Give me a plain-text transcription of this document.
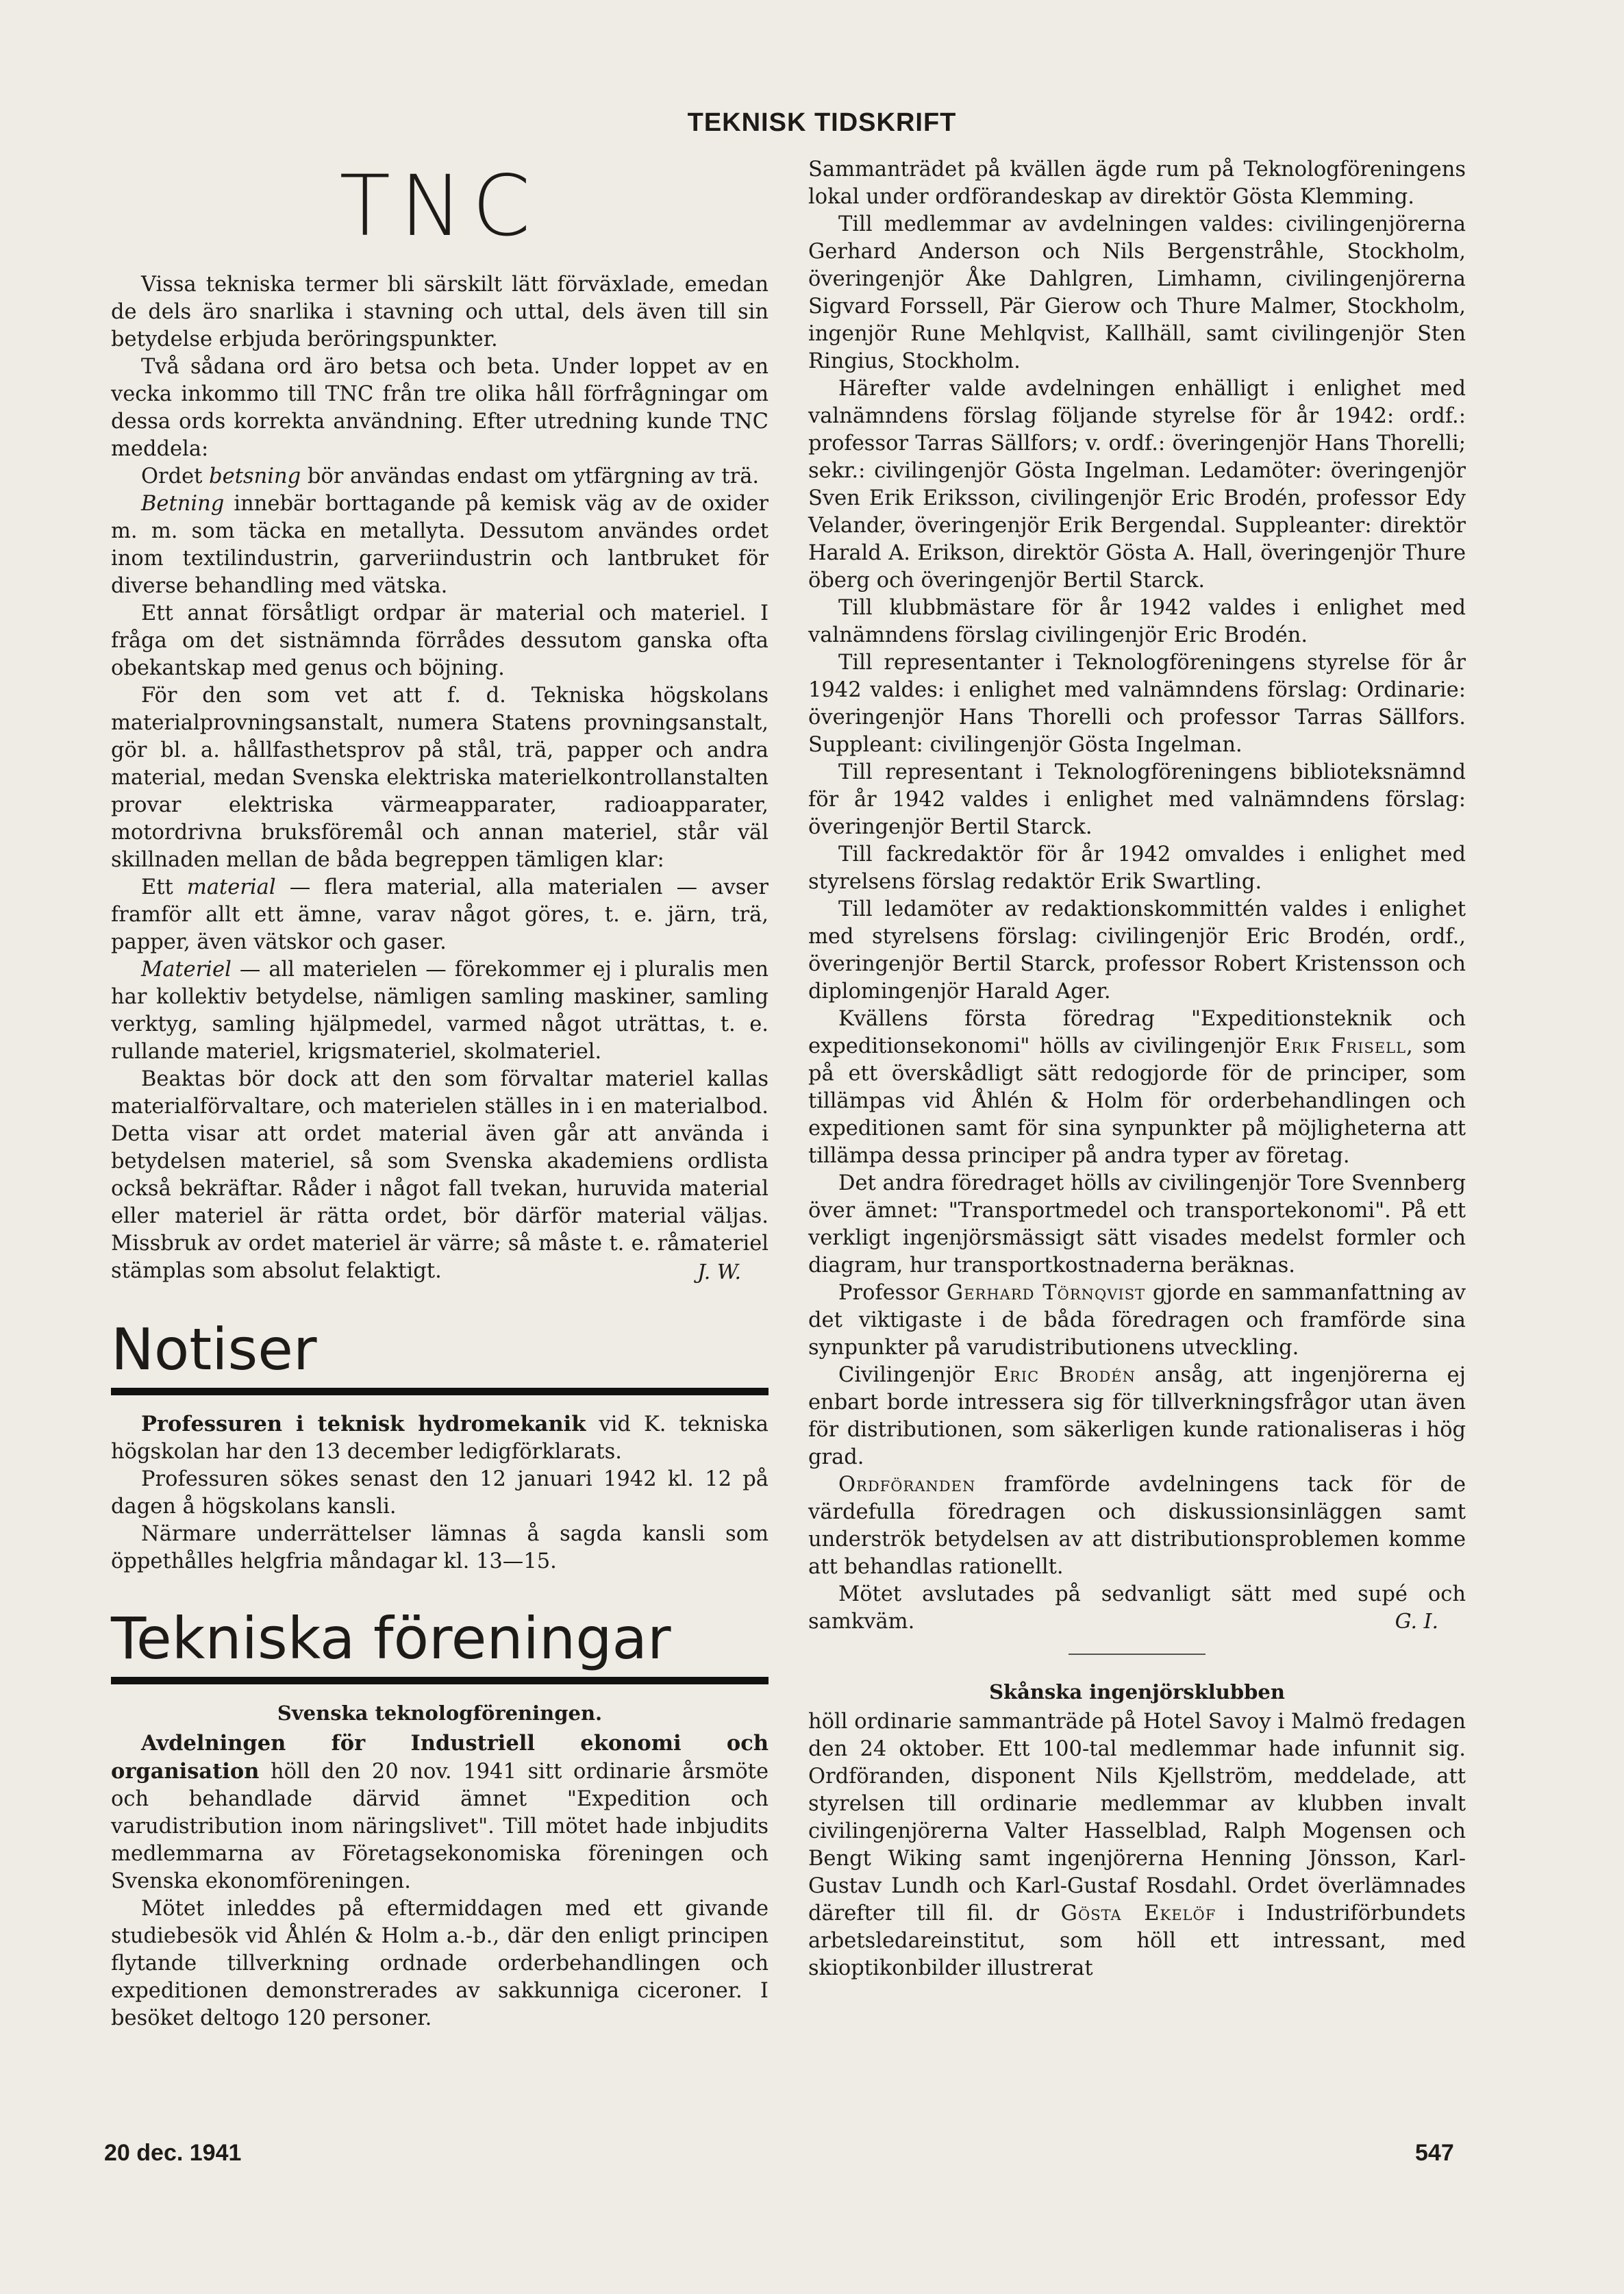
TEKNISK TIDSKRIFT
TNC

Vissa tekniska termer bli särskilt lätt förväxlade, emedan de dels äro snarlika i stavning och uttal, dels även till sin betydelse erbjuda beröringspunkter.

Två sådana ord äro betsa och beta. Under loppet av en vecka inkommo till TNC från tre olika håll förfrågningar om dessa ords korrekta användning. Efter utredning kunde TNC meddela:

Ordet betsning bör användas endast om ytfärgning av trä.

Betning innebär borttagande på kemisk väg av de oxider m. m. som täcka en metallyta. Dessutom användes ordet inom textilindustrin, garveriindustrin och lantbruket för diverse behandling med vätska.

Ett annat försåtligt ordpar är material och materiel. I fråga om det sistnämnda förrådes dessutom ganska ofta obekantskap med genus och böjning.

För den som vet att f. d. Tekniska högskolans materialprovningsanstalt, numera Statens provningsanstalt, gör bl. a. hållfasthetsprov på stål, trä, papper och andra material, medan Svenska elektriska materielkontrollanstalten provar elektriska värmeapparater, radioapparater, motordrivna bruksföremål och annan materiel, står väl skillnaden mellan de båda begreppen tämligen klar:

Ett material — flera material, alla materialen — avser framför allt ett ämne, varav något göres, t. e. järn, trä, papper, även vätskor och gaser.

Materiel — all materielen — förekommer ej i pluralis men har kollektiv betydelse, nämligen samling maskiner, samling verktyg, samling hjälpmedel, varmed något uträttas, t. e. rullande materiel, krigsmateriel, skolmateriel.

Beaktas bör dock att den som förvaltar materiel kallas materialförvaltare, och materielen ställes in i en materialbod. Detta visar att ordet material även går att använda i betydelsen materiel, så som Svenska akademiens ordlista också bekräftar. Råder i något fall tvekan, huruvida material eller materiel är rätta ordet, bör därför material väljas. Missbruk av ordet materiel är värre; så måste t. e. råmateriel stämplas som absolut felaktigt.	J. W.
Notiser

Professuren i teknisk hydromekanik vid K. tekniska högskolan har den 13 december ledigförklarats.

Professuren sökes senast den 12 januari 1942 kl. 12 på dagen å högskolans kansli.

Närmare underrättelser lämnas å sagda kansli som öppethålles helgfria måndagar kl. 13—15.

Tekniska föreningar
Svenska teknologföreningen.

Avdelningen för Industriell ekonomi och organisation höll den 20 nov. 1941 sitt ordinarie årsmöte och behandlade därvid ämnet "Expedition och varudistribution inom näringslivet". Till mötet hade inbjudits medlemmarna av Företagsekonomiska föreningen och Svenska ekonomföreningen.

Mötet inleddes på eftermiddagen med ett givande studiebesök vid Åhlén & Holm a.-b., där den enligt principen flytande tillverkning ordnade orderbehandlingen och expeditionen demonstrerades av sakkunniga ciceroner. I besöket deltogo 120 personer.

Sammanträdet på kvällen ägde rum på Teknologföreningens lokal under ordförandeskap av direktör Gösta Klemming.

Till medlemmar av avdelningen valdes: civilingenjörerna Gerhard Anderson och Nils Bergenstråhle, Stockholm, överingenjör Åke Dahlgren, Limhamn, civilingenjörerna Sigvard Forssell, Pär Gierow och Thure Malmer, Stockholm, ingenjör Rune Mehlqvist, Kallhäll, samt civilingenjör Sten Ringius, Stockholm.

Härefter valde avdelningen enhälligt i enlighet med valnämndens förslag följande styrelse för år 1942: ordf.: professor Tarras Sällfors; v. ordf.: överingenjör Hans Thorelli; sekr.: civilingenjör Gösta Ingelman. Ledamöter: överingenjör Sven Erik Eriksson, civilingenjör Eric Brodén, professor Edy Velander, överingenjör Erik Bergendal. Suppleanter: direktör Harald A. Erikson, direktör Gösta A. Hall, överingenjör Thure öberg och överingenjör Bertil Starck.

Till klubbmästare för år 1942 valdes i enlighet med valnämndens förslag civilingenjör Eric Brodén.

Till representanter i Teknologföreningens styrelse för år 1942 valdes: i enlighet med valnämndens förslag: Ordinarie: överingenjör Hans Thorelli och professor Tarras Sällfors. Suppleant: civilingenjör Gösta Ingelman.

Till representant i Teknologföreningens biblioteksnämnd för år 1942 valdes i enlighet med valnämndens förslag: överingenjör Bertil Starck.

Till fackredaktör för år 1942 omvaldes i enlighet med styrelsens förslag redaktör Erik Swartling.

Till ledamöter av redaktionskommittén valdes i enlighet med styrelsens förslag: civilingenjör Eric Brodén, ordf., överingenjör Bertil Starck, professor Robert Kristensson och diplomingenjör Harald Ager.

Kvällens första föredrag "Expeditionsteknik och expeditionsekonomi" hölls av civilingenjör Erik Frisell, som på ett överskådligt sätt redogjorde för de principer, som tillämpas vid Åhlén & Holm för orderbehandlingen och expeditionen samt för sina synpunkter på möjligheterna att tillämpa dessa principer på andra typer av företag.

Det andra föredraget hölls av civilingenjör Tore Svennberg över ämnet: "Transportmedel och transportekonomi". På ett verkligt ingenjörsmässigt sätt visades medelst formler och diagram, hur transportkostnaderna beräknas.

Professor Gerhard Törnqvist gjorde en sammanfattning av det viktigaste i de båda föredragen och framförde sina synpunkter på varudistributionens utveckling.

Civilingenjör Eric Brodén ansåg, att ingenjörerna ej enbart borde intressera sig för tillverkningsfrågor utan även för distributionen, som säkerligen kunde rationaliseras i hög grad.

Ordföranden framförde avdelningens tack för de värdefulla föredragen och diskussionsinläggen samt underströk betydelsen av att distributionsproblemen komme att behandlas rationellt.

Mötet avslutades på sedvanligt sätt med supé och samkväm.	G. I.
Skånska ingenjörsklubben

höll ordinarie sammanträde på Hotel Savoy i Malmö fredagen den 24 oktober. Ett 100-tal medlemmar hade infunnit sig. Ordföranden, disponent Nils Kjellström, meddelade, att styrelsen till ordinarie medlemmar av klubben invalt civilingenjörerna Valter Hasselblad, Ralph Mogensen och Bengt Wiking samt ingenjörerna Henning Jönsson, Karl-Gustav Lundh och Karl-Gustaf Rosdahl. Ordet överlämnades därefter till fil. dr Gösta Ekelöf i Industriförbundets arbetsledareinstitut, som höll ett intressant, med skioptikonbilder illustrerat

20 dec. 1941	547
